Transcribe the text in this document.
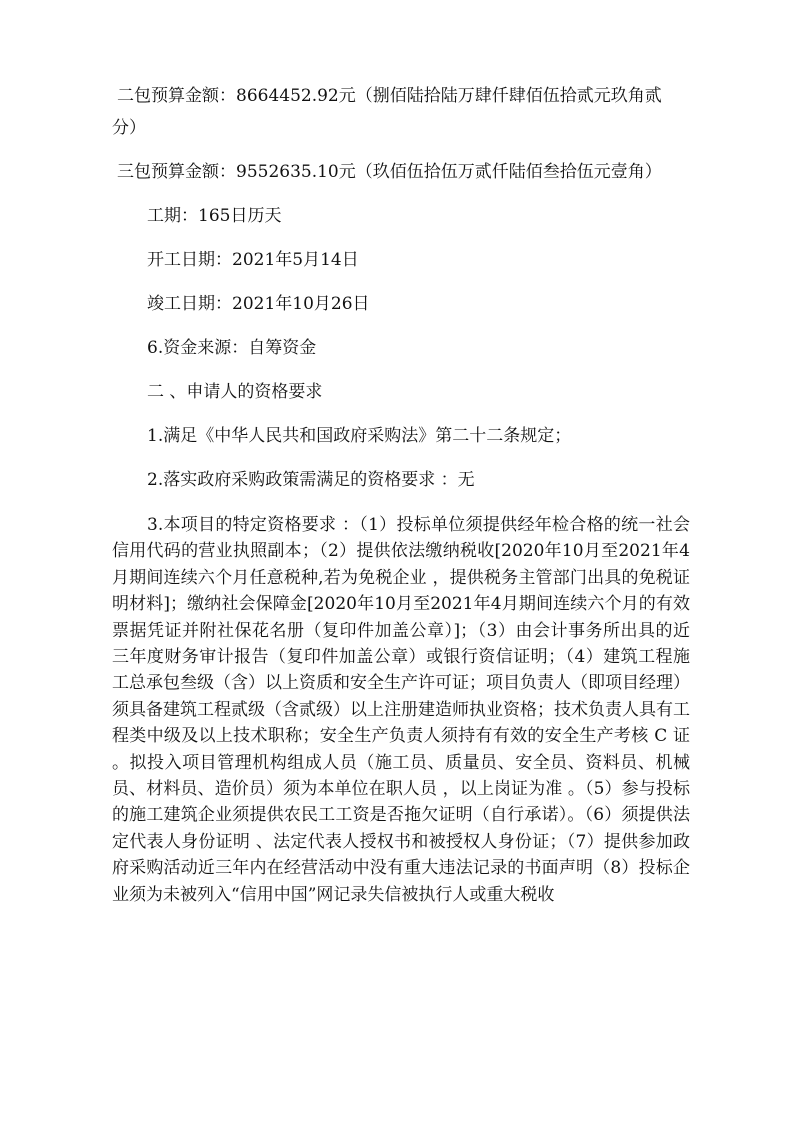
二包预算金额：8664452.92元（捌佰陆拾陆万肆仟肆佰伍拾贰元玖角贰
分）
三包预算金额：9552635.10元（玖佰伍拾伍万贰仟陆佰叁拾伍元壹角）
工期：165日历天
开工日期：2021年5月14日
竣工日期：2021年10月26日
6.资金来源：自筹资金
二 、申请人的资格要求
1.满足《中华人民共和国政府采购法》第二十二条规定；
2.落实政府采购政策需满足的资格要求 ：无

3.本项目的特定资格要求 ：（1）投标单位须提供经年检合格的统一社会信用代码的营业执照副本；（2）提供依法缴纳税收[2020年10月至2021年4月期间连续六个月任意税种,若为免税企业 ，提供税务主管部门出具的免税证明材料]；缴纳社会保障金[2020年10月至2021年4月期间连续六个月的有效票据凭证并附社保花名册（复印件加盖公章）]；（3）由会计事务所出具的近三年度财务审计报告（复印件加盖公章）或银行资信证明；（4）建筑工程施工总承包叁级（含）以上资质和安全生产许可证；项目负责人（即项目经理）须具备建筑工程贰级（含贰级）以上注册建造师执业资格；技术负责人具有工程类中级及以上技术职称；安全生产负责人须持有有效的安全生产考核 C 证 。拟投入项目管理机构组成人员（施工员、质量员、安全员、资料员、机械员、材料员、造价员）须为本单位在职人员 ，以上岗证为准 。（5）参与投标的施工建筑企业须提供农民工工资是否拖欠证明（自行承诺）。（6）须提供法定代表人身份证明 、法定代表人授权书和被授权人身份证；（7）提供参加政府采购活动近三年内在经营活动中没有重大违法记录的书面声明（8）投标企业须为未被列入“信用中国”网记录失信被执行人或重大税收
